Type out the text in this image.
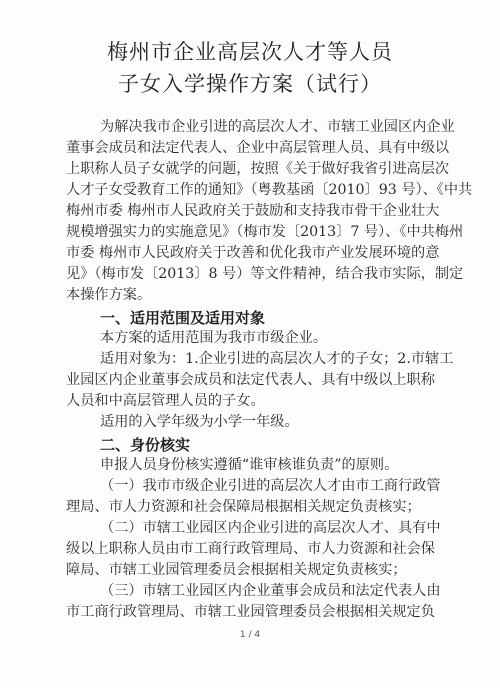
梅州市企业高层次人才等人员
子女入学操作方案（试行）
为解决我市企业引进的高层次人才、市辖工业园区内企业
董事会成员和法定代表人、企业中高层管理人员、具有中级以
上职称人员子女就学的问题，按照《关于做好我省引进高层次
人才子女受教育工作的通知》（粤教基函〔2010〕93 号）、《中共
梅州市委 梅州市人民政府关于鼓励和支持我市骨干企业壮大
规模增强实力的实施意见》（梅市发〔2013〕7 号）、《中共梅州
市委 梅州市人民政府关于改善和优化我市产业发展环境的意
见》（梅市发〔2013〕8 号）等文件精神，结合我市实际，制定
本操作方案。
一、适用范围及适用对象
本方案的适用范围为我市市级企业。
适用对象为：1.企业引进的高层次人才的子女；2.市辖工
业园区内企业董事会成员和法定代表人、具有中级以上职称
人员和中高层管理人员的子女。
适用的入学年级为小学一年级。
二、身份核实
申报人员身份核实遵循“谁审核谁负责”的原则。
（一）我市市级企业引进的高层次人才由市工商行政管
理局、市人力资源和社会保障局根据相关规定负责核实；
（二）市辖工业园区内企业引进的高层次人才、具有中
级以上职称人员由市工商行政管理局、市人力资源和社会保
障局、市辖工业园管理委员会根据相关规定负责核实；
（三）市辖工业园区内企业董事会成员和法定代表人由
市工商行政管理局、市辖工业园管理委员会根据相关规定负
1 / 4
